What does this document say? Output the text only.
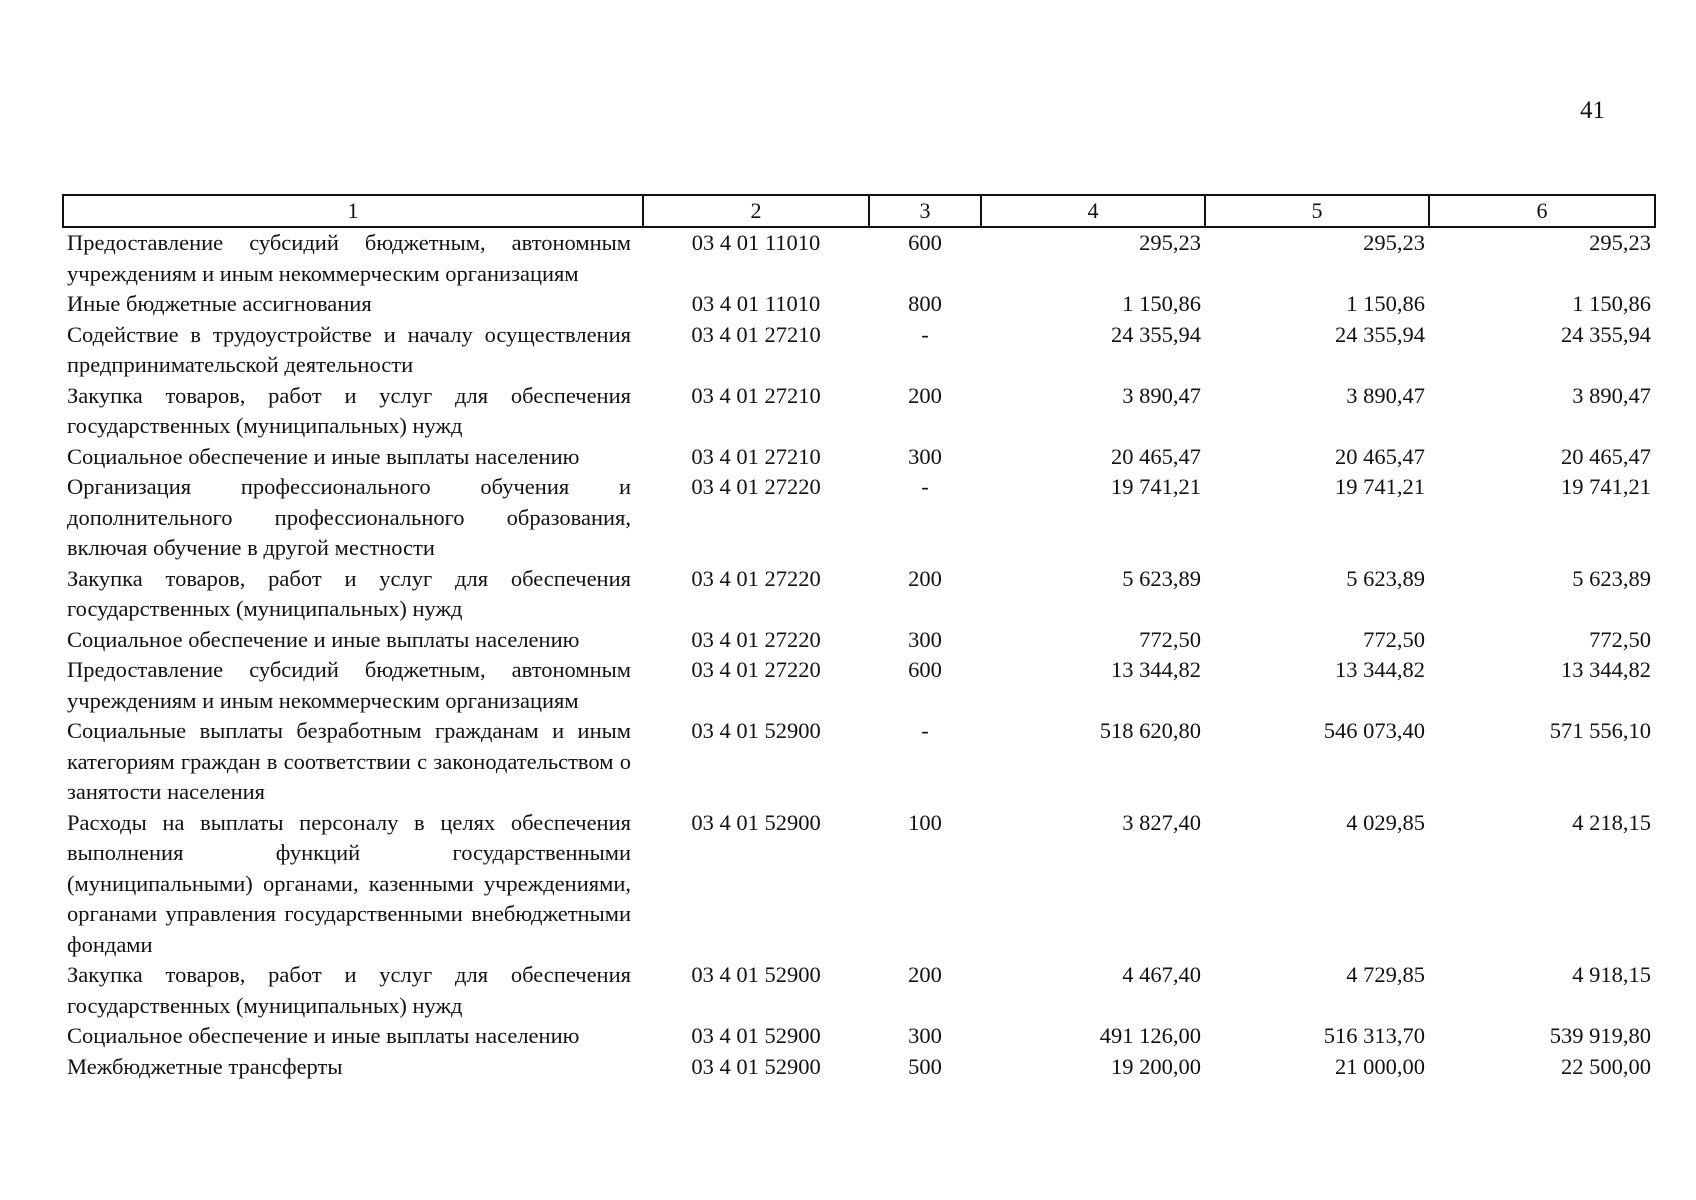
41
1	2	3	4	5	6
Предоставление субсидий бюджетным, автономным учреждениям и иным некоммерческим организациям	03 4 01 11010	600	295,23	295,23	295,23
Иные бюджетные ассигнования	03 4 01 11010	800	1 150,86	1 150,86	1 150,86
Содействие в трудоустройстве и началу осуществления предпринимательской деятельности	03 4 01 27210	-	24 355,94	24 355,94	24 355,94
Закупка товаров, работ и услуг для обеспечения государственных (муниципальных) нужд	03 4 01 27210	200	3 890,47	3 890,47	3 890,47
Социальное обеспечение и иные выплаты населению	03 4 01 27210	300	20 465,47	20 465,47	20 465,47
Организация профессионального обучения и дополнительного профессионального образования, включая обучение в другой местности	03 4 01 27220	-	19 741,21	19 741,21	19 741,21
Закупка товаров, работ и услуг для обеспечения государственных (муниципальных) нужд	03 4 01 27220	200	5 623,89	5 623,89	5 623,89
Социальное обеспечение и иные выплаты населению	03 4 01 27220	300	772,50	772,50	772,50
Предоставление субсидий бюджетным, автономным учреждениям и иным некоммерческим организациям	03 4 01 27220	600	13 344,82	13 344,82	13 344,82
Социальные выплаты безработным гражданам и иным категориям граждан в соответствии с законодательством о занятости населения	03 4 01 52900	-	518 620,80	546 073,40	571 556,10
Расходы на выплаты персоналу в целях обеспечения выполнения функций государственными (муниципальными) органами, казенными учреждениями, органами управления государственными внебюджетными фондами	03 4 01 52900	100	3 827,40	4 029,85	4 218,15
Закупка товаров, работ и услуг для обеспечения государственных (муниципальных) нужд	03 4 01 52900	200	4 467,40	4 729,85	4 918,15
Социальное обеспечение и иные выплаты населению	03 4 01 52900	300	491 126,00	516 313,70	539 919,80
Межбюджетные трансферты	03 4 01 52900	500	19 200,00	21 000,00	22 500,00
